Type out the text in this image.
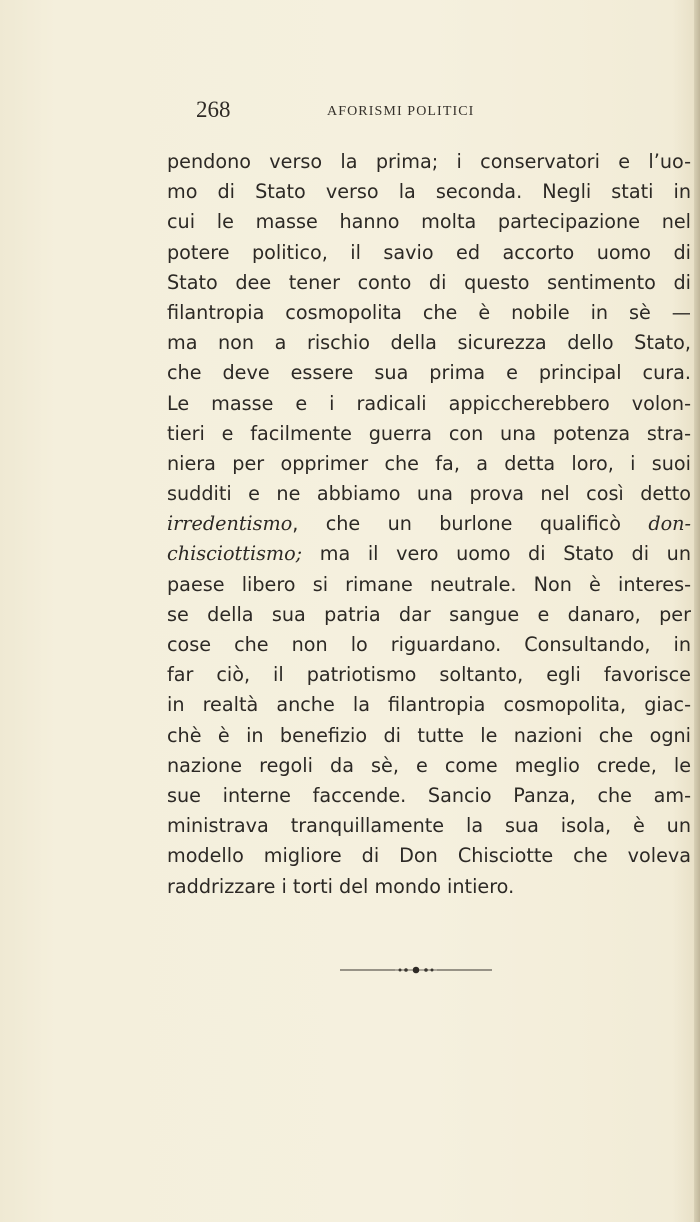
268	AFORISMI POLITICI
pendono verso la prima; i conservatori e l’uo-
mo di Stato verso la seconda. Negli stati in
cui le masse hanno molta partecipazione nel
potere politico, il savio ed accorto uomo di
Stato dee tener conto di questo sentimento di
filantropia cosmopolita che è nobile in sè —
ma non a rischio della sicurezza dello Stato,
che deve essere sua prima e principal cura.
Le masse e i radicali appiccherebbero volon-
tieri e facilmente guerra con una potenza stra-
niera per opprimer che fa, a detta loro, i suoi
sudditi e ne abbiamo una prova nel così detto
irredentismo, che un burlone qualificò don-
chisciottismo; ma il vero uomo di Stato di un
paese libero si rimane neutrale. Non è interes-
se della sua patria dar sangue e danaro, per
cose che non lo riguardano. Consultando, in
far ciò, il patriotismo soltanto, egli favorisce
in realtà anche la filantropia cosmopolita, giac-
chè è in benefizio di tutte le nazioni che ogni
nazione regoli da sè, e come meglio crede, le
sue interne faccende. Sancio Panza, che am-
ministrava tranquillamente la sua isola, è un
modello migliore di Don Chisciotte che voleva
raddrizzare i torti del mondo intiero.
